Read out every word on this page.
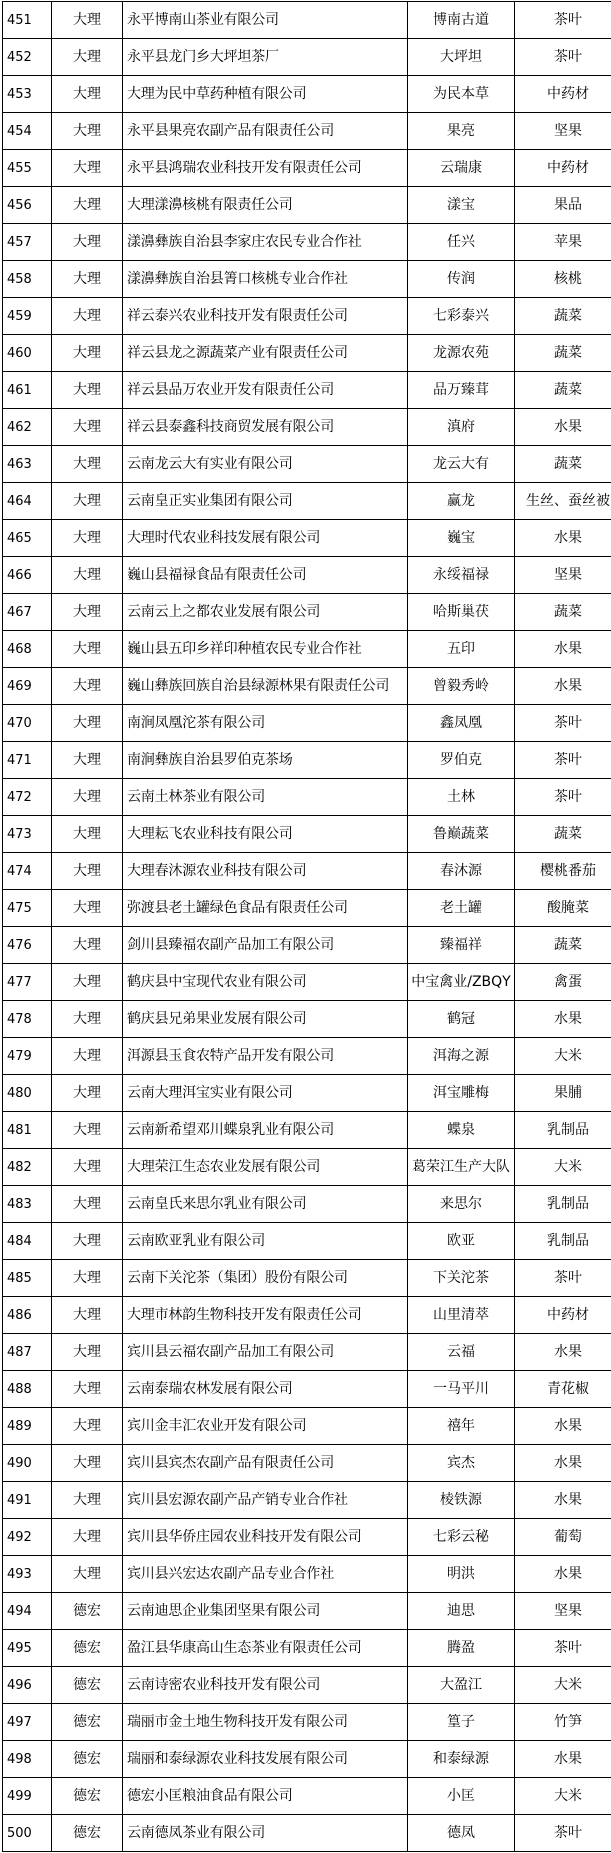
451	大理	永平博南山茶业有限公司	博南古道	茶叶
452	大理	永平县龙门乡大坪坦茶厂	大坪坦	茶叶
453	大理	大理为民中草药种植有限公司	为民本草	中药材
454	大理	永平县果亮农副产品有限责任公司	果亮	坚果
455	大理	永平县鸿瑞农业科技开发有限责任公司	云瑞康	中药材
456	大理	大理漾濞核桃有限责任公司	漾宝	果品
457	大理	漾濞彝族自治县李家庄农民专业合作社	任兴	苹果
458	大理	漾濞彝族自治县箐口核桃专业合作社	传润	核桃
459	大理	祥云泰兴农业科技开发有限责任公司	七彩泰兴	蔬菜
460	大理	祥云县龙之源蔬菜产业有限责任公司	龙源农苑	蔬菜
461	大理	祥云县品万农业开发有限责任公司	品万臻茸	蔬菜
462	大理	祥云县泰鑫科技商贸发展有限公司	滇府	水果
463	大理	云南龙云大有实业有限公司	龙云大有	蔬菜
464	大理	云南皇正实业集团有限公司	赢龙	生丝、蚕丝被
465	大理	大理时代农业科技发展有限公司	巍宝	水果
466	大理	巍山县福禄食品有限责任公司	永绥福禄	坚果
467	大理	云南云上之都农业发展有限公司	哈斯巢茯	蔬菜
468	大理	巍山县五印乡祥印种植农民专业合作社	五印	水果
469	大理	巍山彝族回族自治县绿源林果有限责任公司	曾毅秀岭	水果
470	大理	南涧凤凰沱茶有限公司	鑫凤凰	茶叶
471	大理	南涧彝族自治县罗伯克茶场	罗伯克	茶叶
472	大理	云南土林茶业有限公司	土林	茶叶
473	大理	大理耘飞农业科技有限公司	鲁巅蔬菜	蔬菜
474	大理	大理春沐源农业科技有限公司	春沐源	樱桃番茄
475	大理	弥渡县老土罐绿色食品有限责任公司	老土罐	酸腌菜
476	大理	剑川县臻福农副产品加工有限公司	臻福祥	蔬菜
477	大理	鹤庆县中宝现代农业有限公司	中宝禽业/ZBQY	禽蛋
478	大理	鹤庆县兄弟果业发展有限公司	鹤冠	水果
479	大理	洱源县玉食农特产品开发有限公司	洱海之源	大米
480	大理	云南大理洱宝实业有限公司	洱宝雕梅	果脯
481	大理	云南新希望邓川蝶泉乳业有限公司	蝶泉	乳制品
482	大理	大理荣江生态农业发展有限公司	葛荣江生产大队	大米
483	大理	云南皇氏来思尔乳业有限公司	来思尔	乳制品
484	大理	云南欧亚乳业有限公司	欧亚	乳制品
485	大理	云南下关沱茶（集团）股份有限公司	下关沱茶	茶叶
486	大理	大理市林韵生物科技开发有限责任公司	山里清萃	中药材
487	大理	宾川县云福农副产品加工有限公司	云福	水果
488	大理	云南泰瑞农林发展有限公司	一马平川	青花椒
489	大理	宾川金丰汇农业开发有限公司	禧年	水果
490	大理	宾川县宾杰农副产品有限责任公司	宾杰	水果
491	大理	宾川县宏源农副产品产销专业合作社	棱铁源	水果
492	大理	宾川县华侨庄园农业科技开发有限公司	七彩云秘	葡萄
493	大理	宾川县兴宏达农副产品专业合作社	明洪	水果
494	德宏	云南迪思企业集团坚果有限公司	迪思	坚果
495	德宏	盈江县华康高山生态茶业有限责任公司	腾盈	茶叶
496	德宏	云南诗密农业科技开发有限公司	大盈江	大米
497	德宏	瑞丽市金土地生物科技开发有限公司	篁子	竹笋
498	德宏	瑞丽和泰绿源农业科技发展有限公司	和泰绿源	水果
499	德宏	德宏小匡粮油食品有限公司	小匡	大米
500	德宏	云南德凤茶业有限公司	德凤	茶叶
